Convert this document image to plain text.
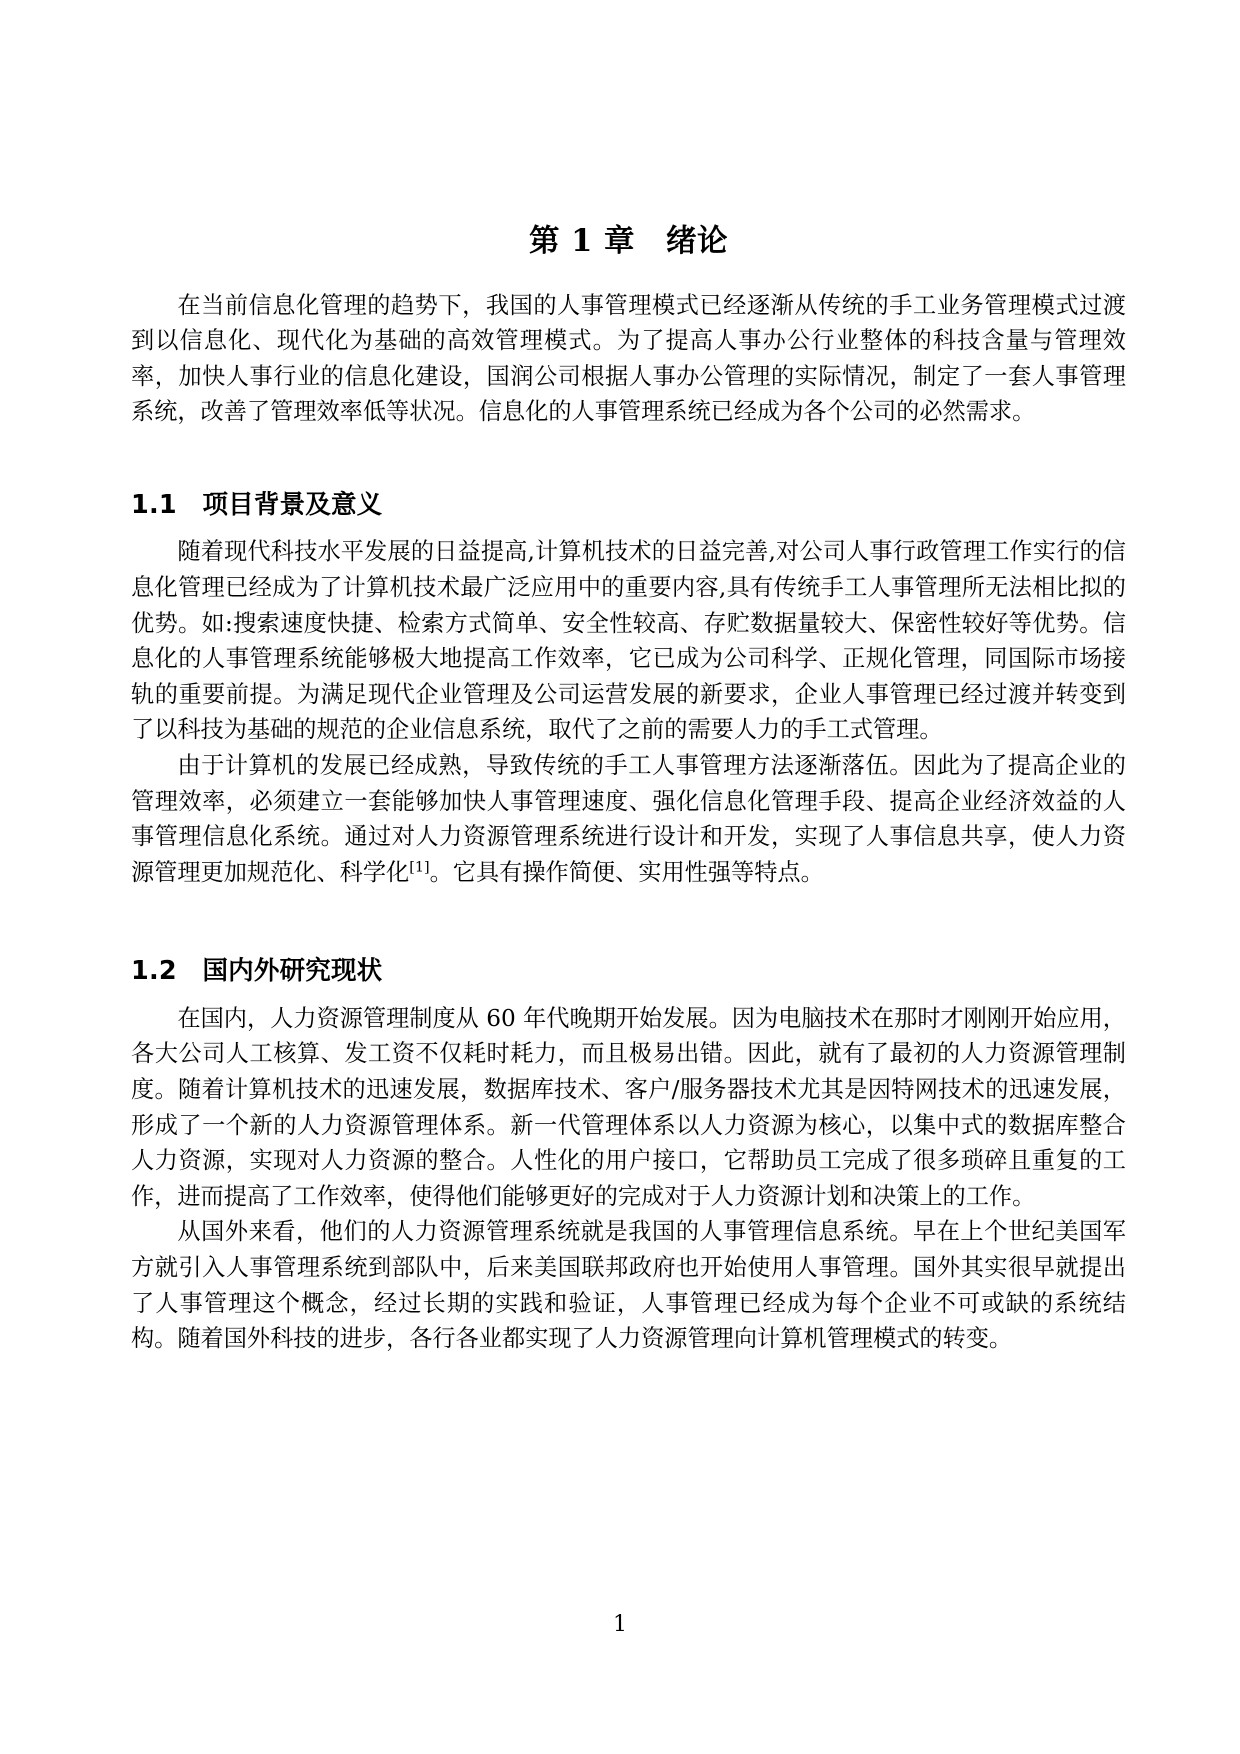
第 1 章　绪论

在当前信息化管理的趋势下，我国的人事管理模式已经逐渐从传统的手工业务管理模式过渡到以信息化、现代化为基础的高效管理模式。为了提高人事办公行业整体的科技含量与管理效率，加快人事行业的信息化建设，国润公司根据人事办公管理的实际情况，制定了一套人事管理系统，改善了管理效率低等状况。信息化的人事管理系统已经成为各个公司的必然需求。

1.1　项目背景及意义

随着现代科技水平发展的日益提高,计算机技术的日益完善,对公司人事行政管理工作实行的信息化管理已经成为了计算机技术最广泛应用中的重要内容,具有传统手工人事管理所无法相比拟的优势。如:搜索速度快捷、检索方式简单、安全性较高、存贮数据量较大、保密性较好等优势。信息化的人事管理系统能够极大地提高工作效率，它已成为公司科学、正规化管理，同国际市场接轨的重要前提。为满足现代企业管理及公司运营发展的新要求，企业人事管理已经过渡并转变到了以科技为基础的规范的企业信息系统，取代了之前的需要人力的手工式管理。

由于计算机的发展已经成熟，导致传统的手工人事管理方法逐渐落伍。因此为了提高企业的管理效率，必须建立一套能够加快人事管理速度、强化信息化管理手段、提高企业经济效益的人事管理信息化系统。通过对人力资源管理系统进行设计和开发，实现了人事信息共享，使人力资源管理更加规范化、科学化[1]。它具有操作简便、实用性强等特点。

1.2　国内外研究现状

在国内，人力资源管理制度从 60 年代晚期开始发展。因为电脑技术在那时才刚刚开始应用，各大公司人工核算、发工资不仅耗时耗力，而且极易出错。因此，就有了最初的人力资源管理制度。随着计算机技术的迅速发展，数据库技术、客户/服务器技术尤其是因特网技术的迅速发展，形成了一个新的人力资源管理体系。新一代管理体系以人力资源为核心，以集中式的数据库整合人力资源，实现对人力资源的整合。人性化的用户接口，它帮助员工完成了很多琐碎且重复的工作，进而提高了工作效率，使得他们能够更好的完成对于人力资源计划和决策上的工作。

从国外来看，他们的人力资源管理系统就是我国的人事管理信息系统。早在上个世纪美国军方就引入人事管理系统到部队中，后来美国联邦政府也开始使用人事管理。国外其实很早就提出了人事管理这个概念，经过长期的实践和验证，人事管理已经成为每个企业不可或缺的系统结构。随着国外科技的进步，各行各业都实现了人力资源管理向计算机管理模式的转变。

1
